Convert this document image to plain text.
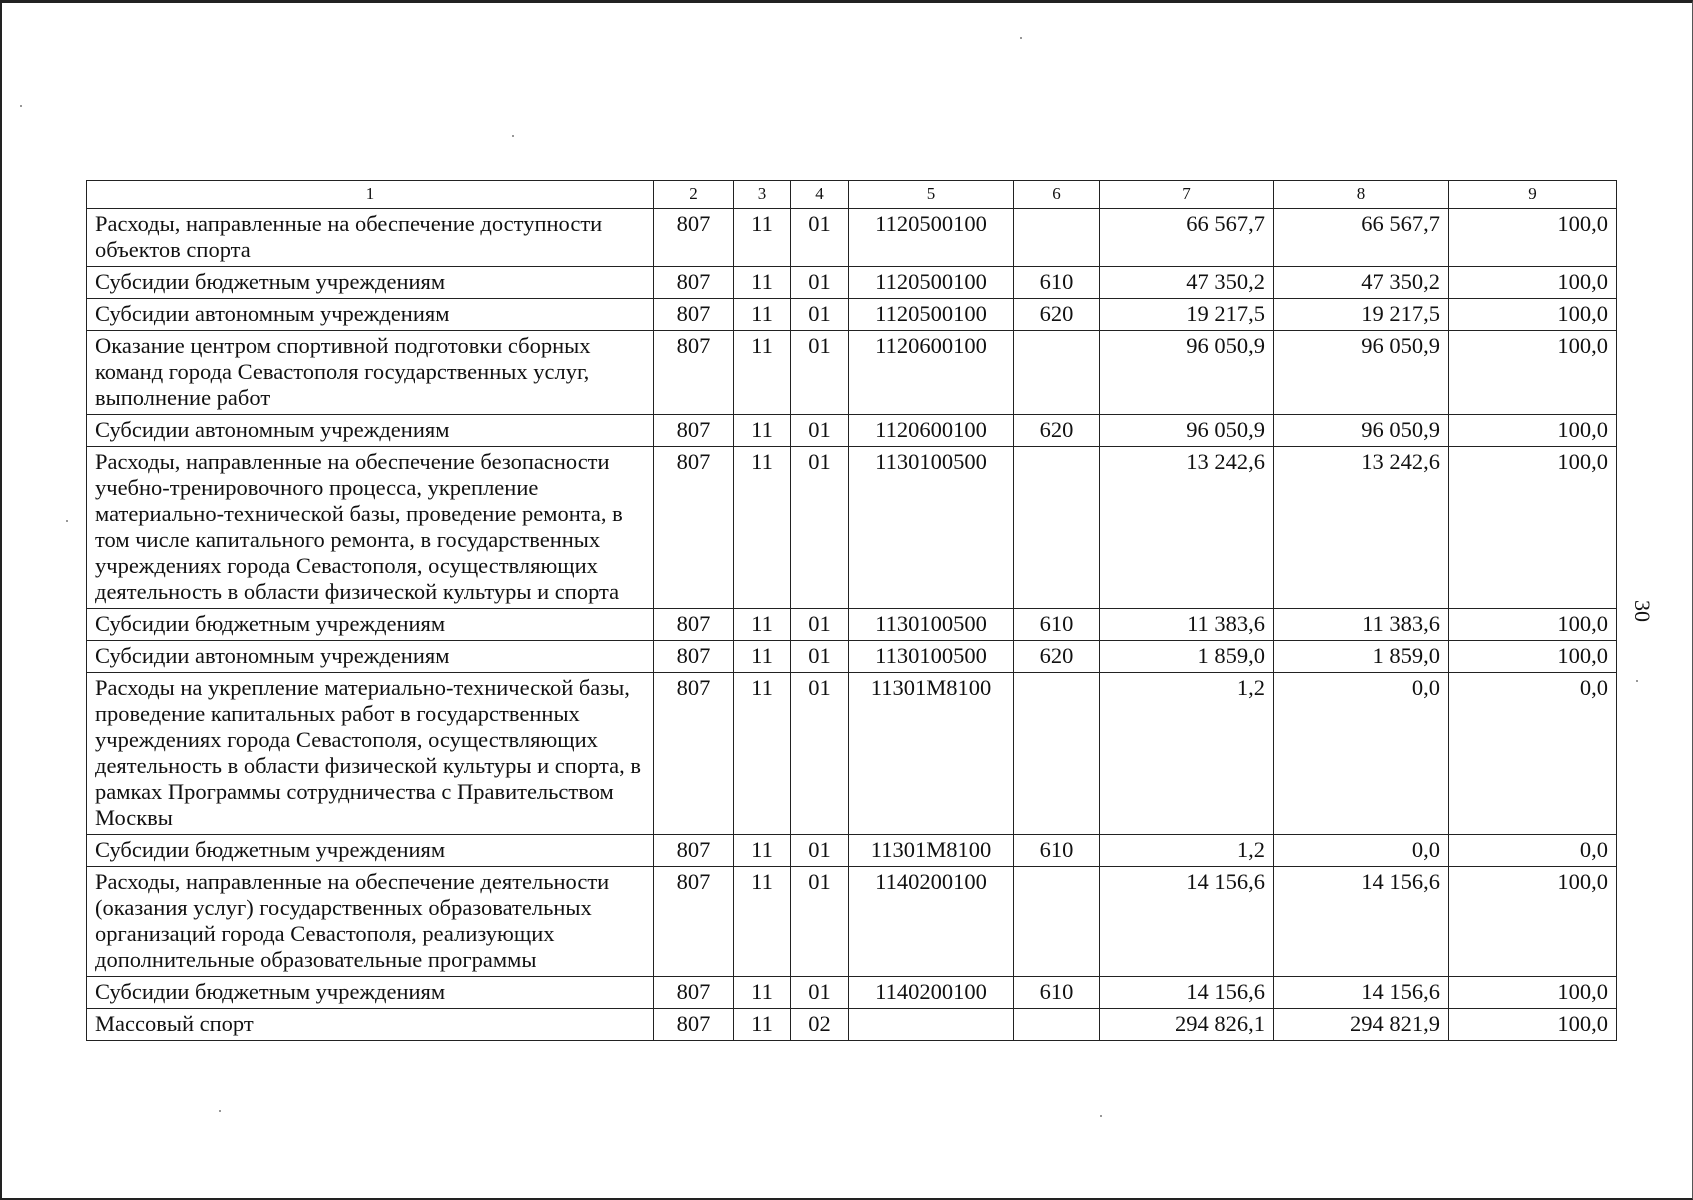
30
1	2	3	4	5	6	7	8	9
Расходы, направленные на обеспечение доступности объектов спорта	807	11	01	1120500100		66 567,7	66 567,7	100,0
Субсидии бюджетным учреждениям	807	11	01	1120500100	610	47 350,2	47 350,2	100,0
Субсидии автономным учреждениям	807	11	01	1120500100	620	19 217,5	19 217,5	100,0
Оказание центром спортивной подготовки сборных команд города Севастополя государственных услуг, выполнение работ	807	11	01	1120600100		96 050,9	96 050,9	100,0
Субсидии автономным учреждениям	807	11	01	1120600100	620	96 050,9	96 050,9	100,0
Расходы, направленные на обеспечение безопасности учебно-тренировочного процесса, укрепление материально-технической базы, проведение ремонта, в том числе капитального ремонта, в государственных учреждениях города Севастополя, осуществляющих деятельность в области физической культуры и спорта	807	11	01	1130100500		13 242,6	13 242,6	100,0
Субсидии бюджетным учреждениям	807	11	01	1130100500	610	11 383,6	11 383,6	100,0
Субсидии автономным учреждениям	807	11	01	1130100500	620	1 859,0	1 859,0	100,0
Расходы на укрепление материально-технической базы, проведение капитальных работ в государственных учреждениях города Севастополя, осуществляющих деятельность в области физической культуры и спорта, в рамках Программы сотрудничества с Правительством Москвы	807	11	01	11301M8100		1,2	0,0	0,0
Субсидии бюджетным учреждениям	807	11	01	11301M8100	610	1,2	0,0	0,0
Расходы, направленные на обеспечение деятельности (оказания услуг) государственных образовательных организаций города Севастополя, реализующих дополнительные образовательные программы	807	11	01	1140200100		14 156,6	14 156,6	100,0
Субсидии бюджетным учреждениям	807	11	01	1140200100	610	14 156,6	14 156,6	100,0
Массовый спорт	807	11	02			294 826,1	294 821,9	100,0
